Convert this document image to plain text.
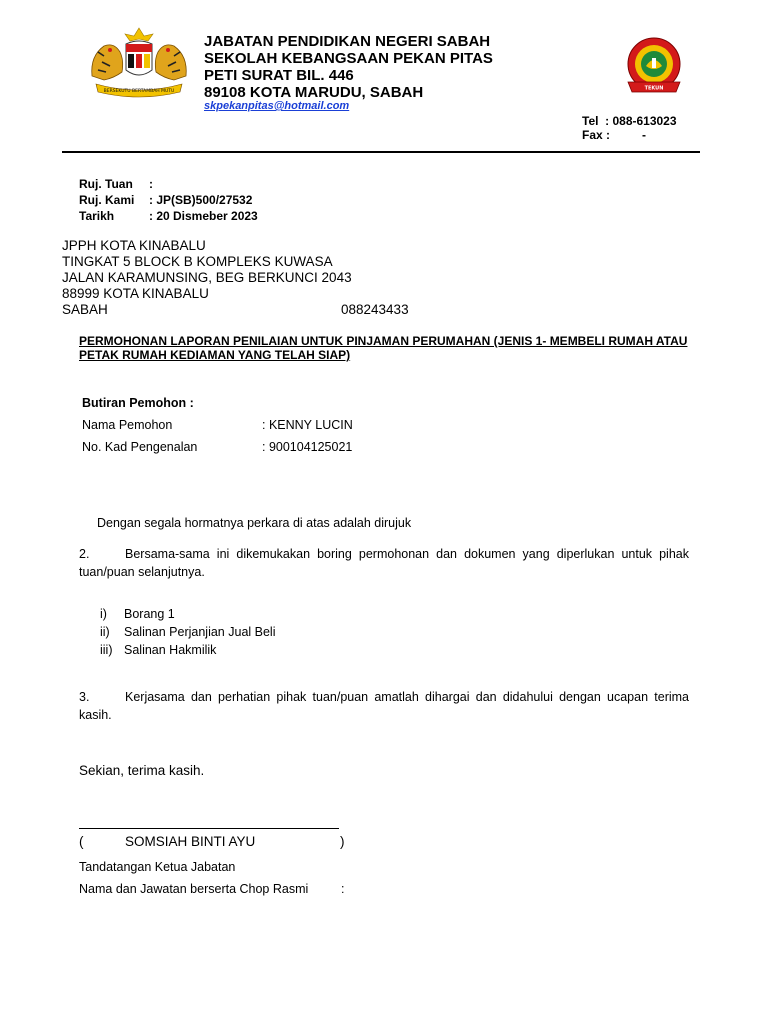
BERSEKUTU BERTAMBAH MUTU
JABATAN PENDIDIKAN NEGERI SABAH
SEKOLAH KEBANGSAAN PEKAN PITAS
PETI SURAT BIL. 446
89108 KOTA MARUDU, SABAH
skpekanpitas@hotmail.com
TEKUN
Tel  : 088-613023
Fax :	-
Ruj. Tuan	:
Ruj. Kami	: JP(SB)500/27532
Tarikh	: 20 Dismeber 2023
JPPH KOTA KINABALU
TINGKAT 5 BLOCK B KOMPLEKS KUWASA
JALAN KARAMUNSING, BEG BERKUNCI 2043
88999 KOTA KINABALU
SABAH	088243433
PERMOHONAN LAPORAN PENILAIAN UNTUK PINJAMAN PERUMAHAN (JENIS 1- MEMBELI RUMAH ATAU PETAK RUMAH KEDIAMAN YANG TELAH SIAP)
Butiran Pemohon :
Nama Pemohon	: KENNY LUCIN
No. Kad Pengenalan	: 900104125021
Dengan segala hormatnya perkara di atas adalah dirujuk
2.	Bersama-sama ini dikemukakan boring permohonan dan dokumen yang diperlukan untuk pihak tuan/puan selanjutnya.
i)	Borang 1
ii)	Salinan Perjanjian Jual Beli
iii) Salinan Hakmilik
3.	Kerjasama dan perhatian pihak tuan/puan amatlah dihargai dan didahului dengan ucapan terima kasih.
Sekian, terima kasih.
(	SOMSIAH BINTI AYU	)
Tandatangan Ketua Jabatan
Nama dan Jawatan berserta Chop Rasmi	:
